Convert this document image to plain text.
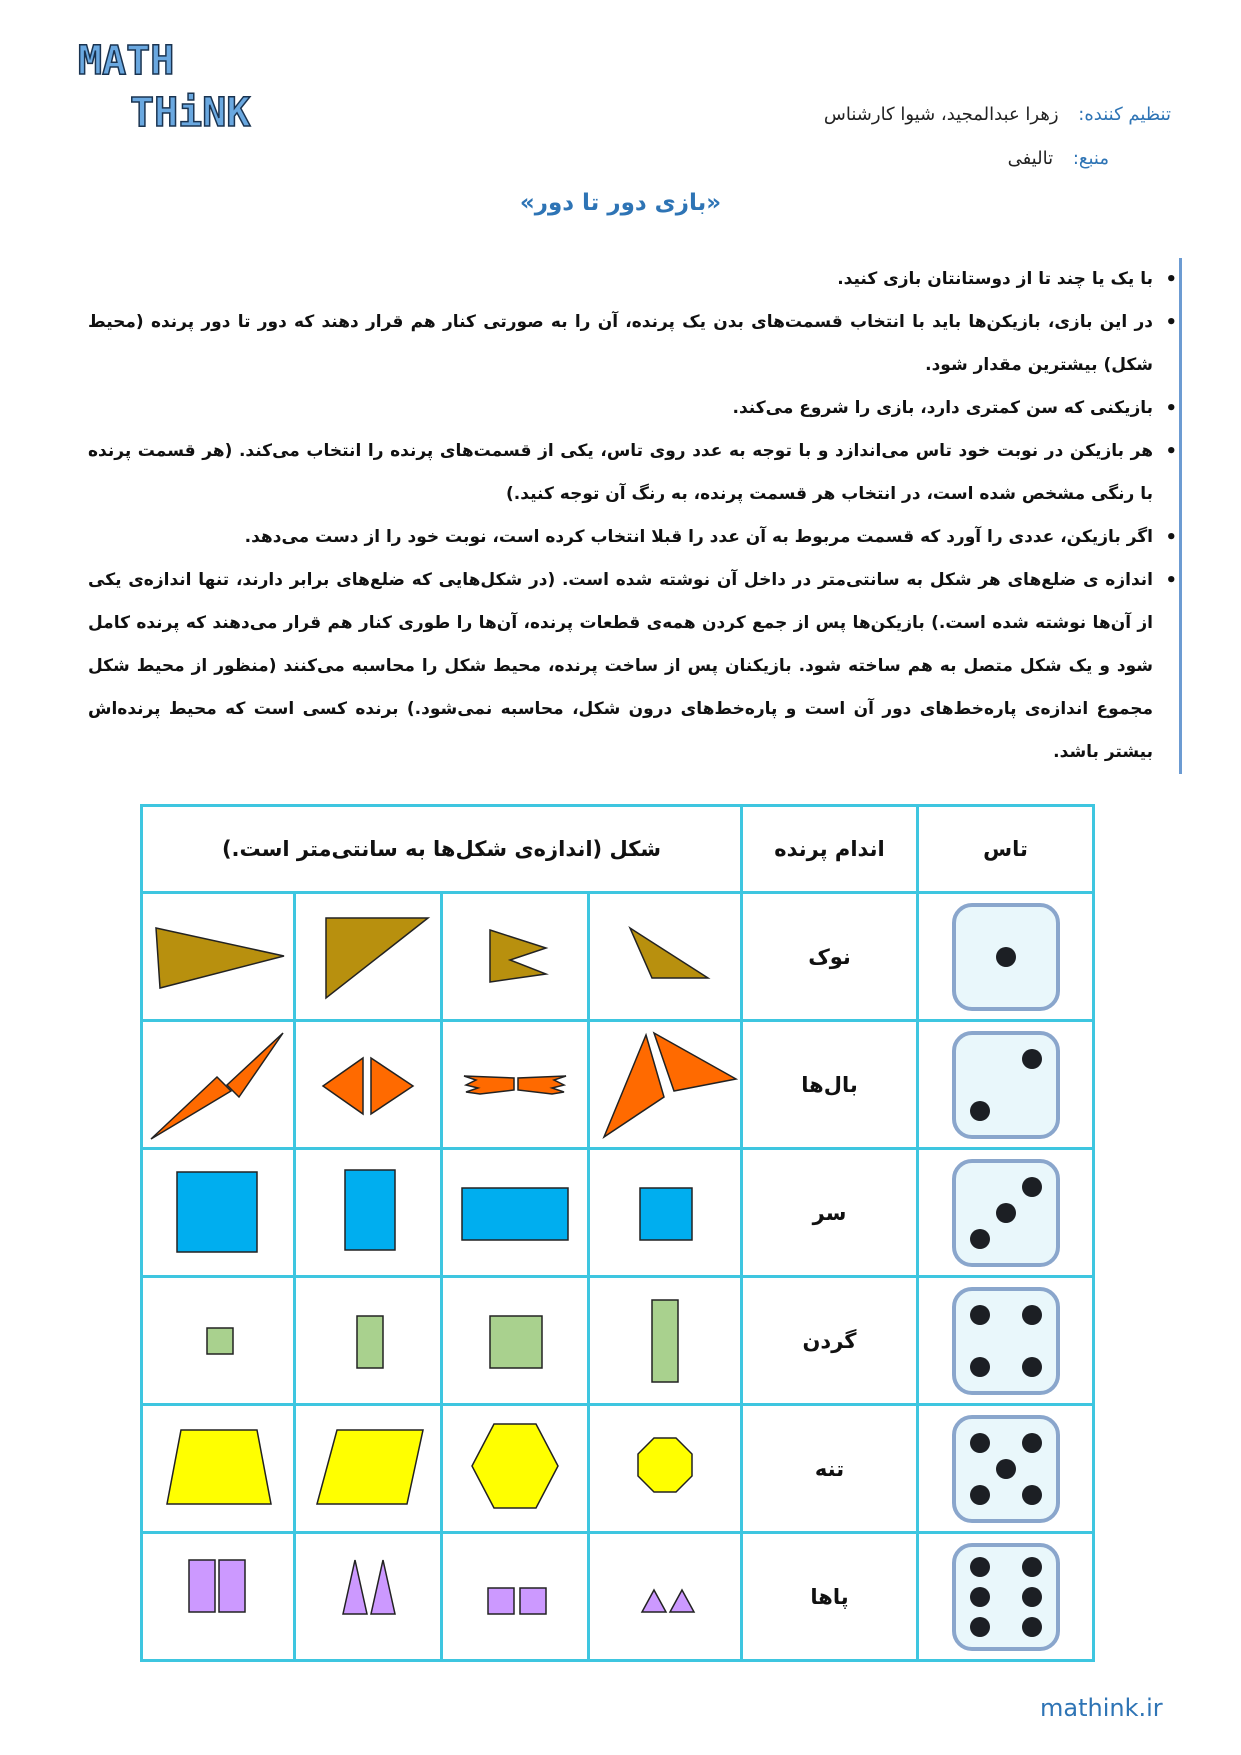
MATH
THiNK	تنظیم کننده: زهرا عبدالمجید، شیوا کارشناس
منبع: تالیفی
«بازی دور تا دور»
• با یک یا چند تا از دوستانتان بازی کنید.
• در این بازی، بازیکن‌ها باید با انتخاب قسمت‌های بدن یک پرنده، آن را به صورتی کنار هم قرار دهند که دور تا دور پرنده (محیط شکل) بیشترین مقدار شود.
• بازیکنی که سن کمتری دارد، بازی را شروع می‌کند.
• هر بازیکن در نوبت خود تاس می‌اندازد و با توجه به عدد روی تاس، یکی از قسمت‌های پرنده را انتخاب می‌کند. (هر قسمت پرنده با رنگی مشخص شده است، در انتخاب هر قسمت پرنده، به رنگ آن توجه کنید.)
• اگر بازیکن، عددی را آورد که قسمت مربوط به آن عدد را قبلا انتخاب کرده است، نوبت خود را از دست می‌دهد.
• اندازه ی ضلع‌های هر شکل به سانتی‌متر در داخل آن نوشته شده است. (در شکل‌هایی که ضلع‌های برابر دارند، تنها اندازه‌ی یکی از آن‌ها نوشته شده است.) بازیکن‌ها پس از جمع کردن همه‌ی قطعات پرنده، آن‌ها را طوری کنار هم قرار می‌دهند که پرنده کامل شود و یک شکل متصل به هم ساخته شود. بازیکنان پس از ساخت پرنده، محیط شکل را محاسبه می‌کنند (منظور از محیط شکل مجموع اندازه‌ی پاره‌خط‌های دور آن است و پاره‌خط‌های درون شکل، محاسبه نمی‌شود.) برنده کسی است که محیط پرنده‌اش بیشتر باشد.
تاس	اندام پرنده	شکل (اندازه‌ی شکل‌ها به سانتی‌متر است.)			

	نوک	

	بال‌ها	

	سر	

	گردن	

	تنه	

	پاها	

mathink.ir
